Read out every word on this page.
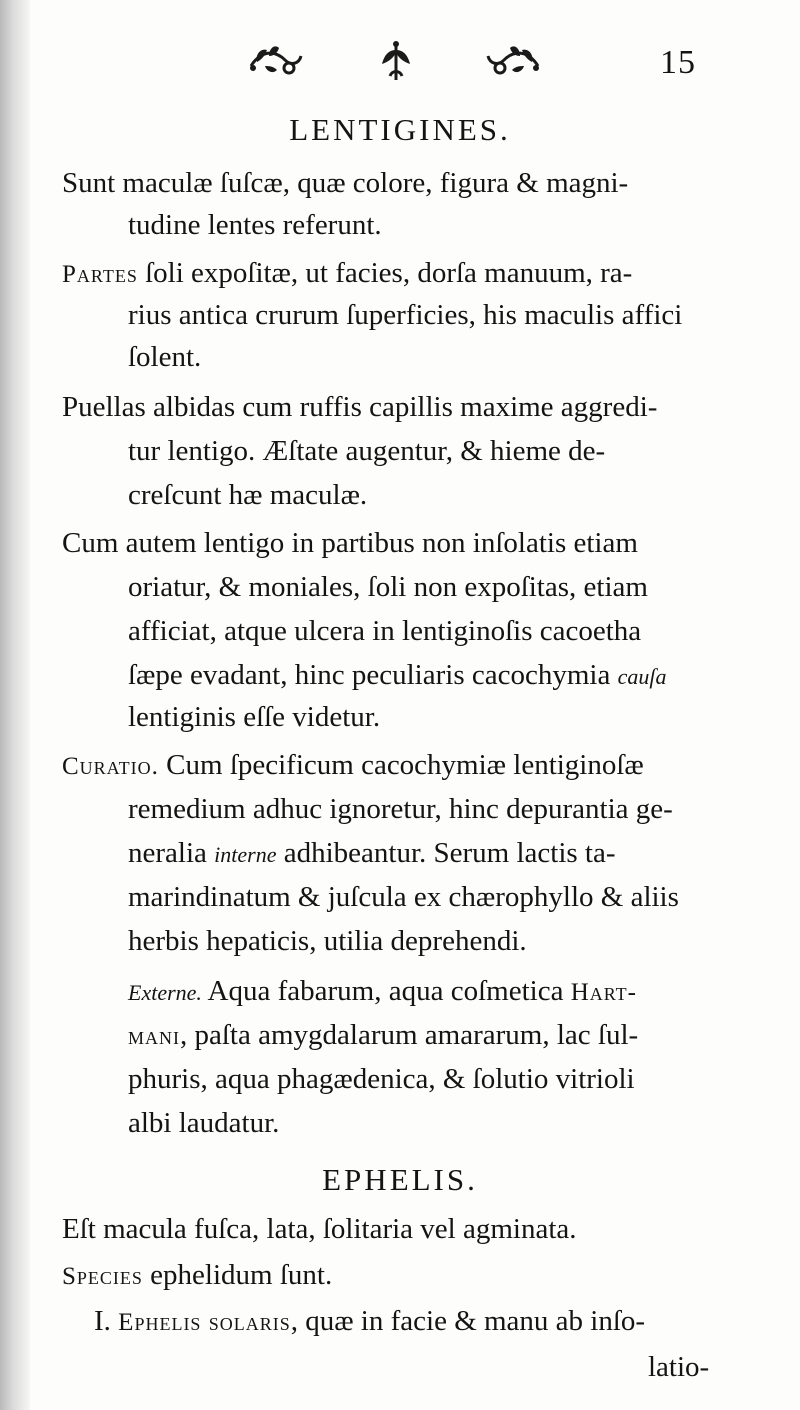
15
LENTIGINES.
Sunt maculæ ſuſcæ, quæ colore, figura & magni-
tudine lentes referunt.
Partes ſoli expoſitæ, ut facies, dorſa manuum, ra-
rius antica crurum ſuperficies, his maculis affici
ſolent.
Puellas albidas cum ruffis capillis maxime aggredi-
tur lentigo. Æſtate augentur, & hieme de-
creſcunt hæ maculæ.
Cum autem lentigo in partibus non inſolatis etiam
oriatur, & moniales, ſoli non expoſitas, etiam
afficiat, atque ulcera in lentiginoſis cacoetha
ſæpe evadant, hinc peculiaris cacochymia cauſa
lentiginis eſſe videtur.
Curatio. Cum ſpecificum cacochymiæ lentiginoſæ
remedium adhuc ignoretur, hinc depurantia ge-
neralia interne adhibeantur. Serum lactis ta-
marindinatum & juſcula ex chærophyllo & aliis
herbis hepaticis, utilia deprehendi.
Externe. Aqua fabarum, aqua coſmetica Hart-
mani, paſta amygdalarum amararum, lac ſul-
phuris, aqua phagædenica, & ſolutio vitrioli
albi laudatur.
EPHELIS.
Eſt macula fuſca, lata, ſolitaria vel agminata.
Species ephelidum ſunt.
I. Ephelis solaris, quæ in facie & manu ab inſo-
latio-
